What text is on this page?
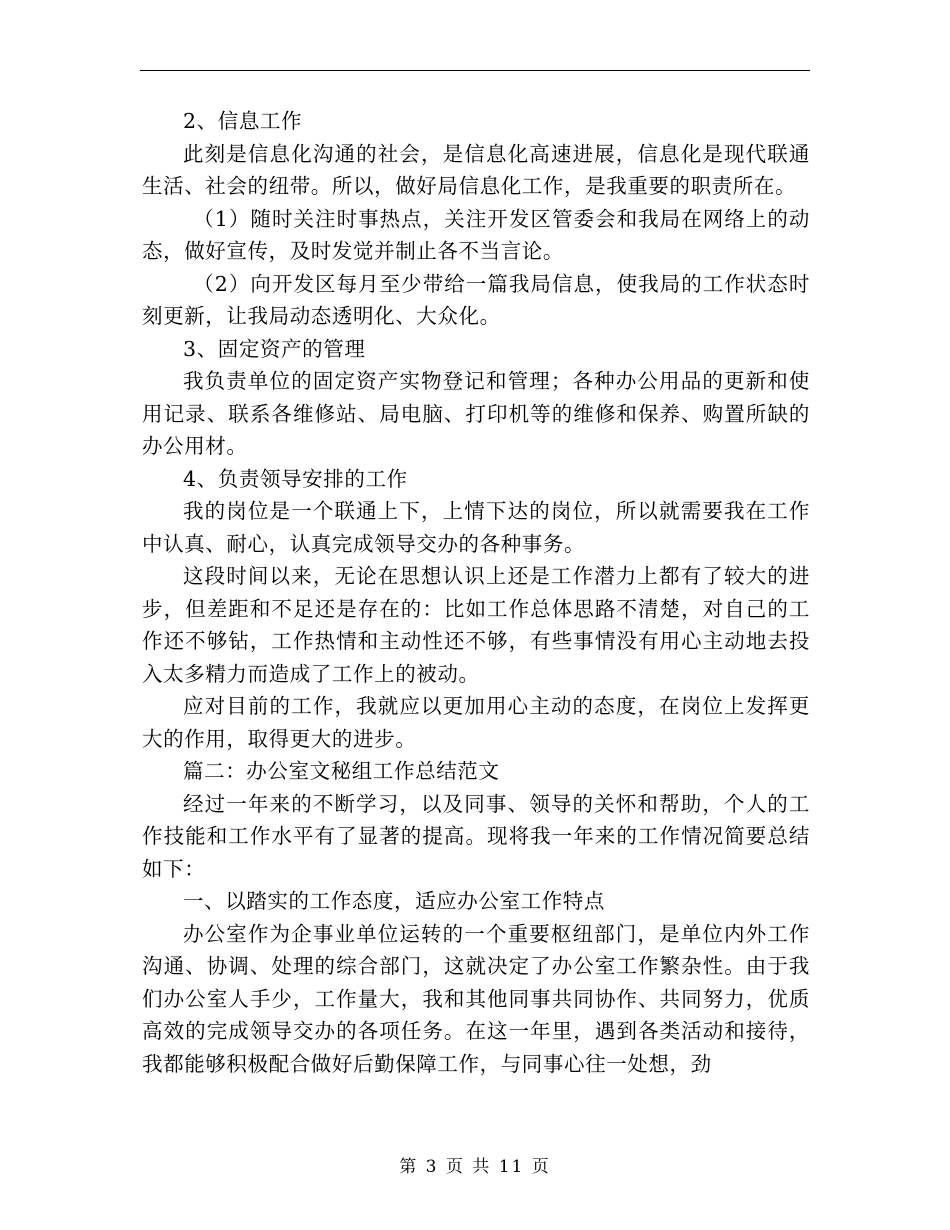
2、信息工作

此刻是信息化沟通的社会，是信息化高速进展，信息化是现代联通生活、社会的纽带。所以，做好局信息化工作，是我重要的职责所在。

（1）随时关注时事热点，关注开发区管委会和我局在网络上的动态，做好宣传，及时发觉并制止各不当言论。

（2）向开发区每月至少带给一篇我局信息，使我局的工作状态时刻更新，让我局动态透明化、大众化。

3、固定资产的管理

我负责单位的固定资产实物登记和管理；各种办公用品的更新和使用记录、联系各维修站、局电脑、打印机等的维修和保养、购置所缺的办公用材。

4、负责领导安排的工作

我的岗位是一个联通上下，上情下达的岗位，所以就需要我在工作中认真、耐心，认真完成领导交办的各种事务。

这段时间以来，无论在思想认识上还是工作潜力上都有了较大的进步，但差距和不足还是存在的：比如工作总体思路不清楚，对自己的工作还不够钻，工作热情和主动性还不够，有些事情没有用心主动地去投入太多精力而造成了工作上的被动。

应对目前的工作，我就应以更加用心主动的态度，在岗位上发挥更大的作用，取得更大的进步。

篇二：办公室文秘组工作总结范文

经过一年来的不断学习，以及同事、领导的关怀和帮助，个人的工作技能和工作水平有了显著的提高。现将我一年来的工作情况简要总结如下：

一、以踏实的工作态度，适应办公室工作特点

办公室作为企事业单位运转的一个重要枢纽部门，是单位内外工作沟通、协调、处理的综合部门，这就决定了办公室工作繁杂性。由于我们办公室人手少，工作量大，我和其他同事共同协作、共同努力，优质高效的完成领导交办的各项任务。在这一年里，遇到各类活动和接待，我都能够积极配合做好后勤保障工作，与同事心往一处想，劲

第 3 页 共 11 页
